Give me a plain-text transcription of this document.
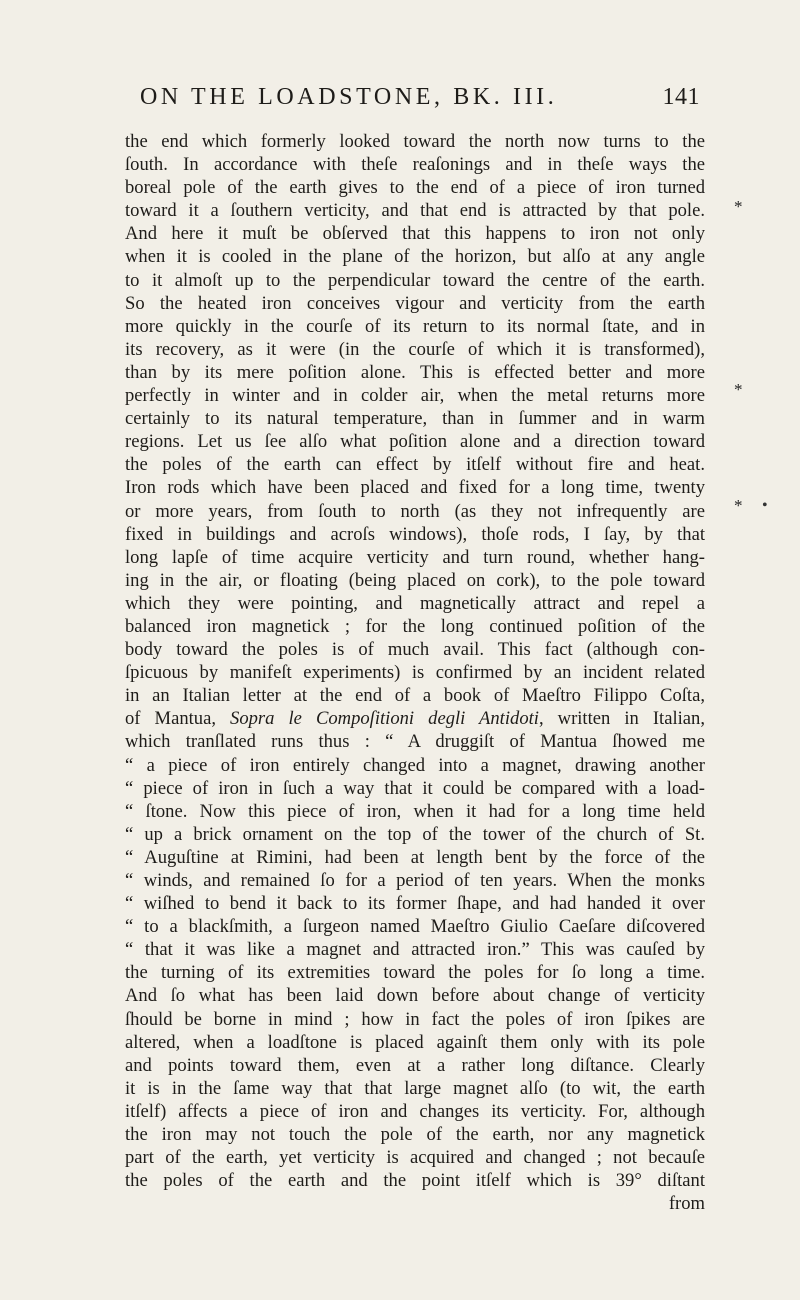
ON THE LOADSTONE, BK. III.	141
the end which formerly looked toward the north now turns to the
ſouth. In accordance with theſe reaſonings and in theſe ways the
boreal pole of the earth gives to the end of a piece of iron turned
toward it a ſouthern verticity, and that end is attracted by that pole.
And here it muſt be obſerved that this happens to iron not only
when it is cooled in the plane of the horizon, but alſo at any angle
to it almoſt up to the perpendicular toward the centre of the earth.
So the heated iron conceives vigour and verticity from the earth
more quickly in the courſe of its return to its normal ſtate, and in
its recovery, as it were (in the courſe of which it is transformed),
than by its mere poſition alone. This is effected better and more
perfectly in winter and in colder air, when the metal returns more
certainly to its natural temperature, than in ſummer and in warm
regions. Let us ſee alſo what poſition alone and a direction toward
the poles of the earth can effect by itſelf without fire and heat.
Iron rods which have been placed and fixed for a long time, twenty
or more years, from ſouth to north (as they not infrequently are
fixed in buildings and acroſs windows), thoſe rods, I ſay, by that
long lapſe of time acquire verticity and turn round, whether hang-
ing in the air, or floating (being placed on cork), to the pole toward
which they were pointing, and magnetically attract and repel a
balanced iron magnetick ; for the long continued poſition of the
body toward the poles is of much avail. This fact (although con-
ſpicuous by manifeſt experiments) is confirmed by an incident related
in an Italian letter at the end of a book of Maeſtro Filippo Coſta,
of Mantua, Sopra le Compoſitioni degli Antidoti, written in Italian,
which tranſlated runs thus : “ A druggiſt of Mantua ſhowed me
“ a piece of iron entirely changed into a magnet, drawing another
“ piece of iron in ſuch a way that it could be compared with a load-
“ ſtone. Now this piece of iron, when it had for a long time held
“ up a brick ornament on the top of the tower of the church of St.
“ Auguſtine at Rimini, had been at length bent by the force of the
“ winds, and remained ſo for a period of ten years. When the monks
“ wiſhed to bend it back to its former ſhape, and had handed it over
“ to a blackſmith, a ſurgeon named Maeſtro Giulio Caeſare diſcovered
“ that it was like a magnet and attracted iron.” This was cauſed by
the turning of its extremities toward the poles for ſo long a time.
And ſo what has been laid down before about change of verticity
ſhould be borne in mind ; how in fact the poles of iron ſpikes are
altered, when a loadſtone is placed againſt them only with its pole
and points toward them, even at a rather long diſtance. Clearly
it is in the ſame way that that large magnet alſo (to wit, the earth
itſelf) affects a piece of iron and changes its verticity. For, although
the iron may not touch the pole of the earth, nor any magnetick
part of the earth, yet verticity is acquired and changed ; not becauſe
the poles of the earth and the point itſelf which is 39° diſtant
from
*
*
* •
